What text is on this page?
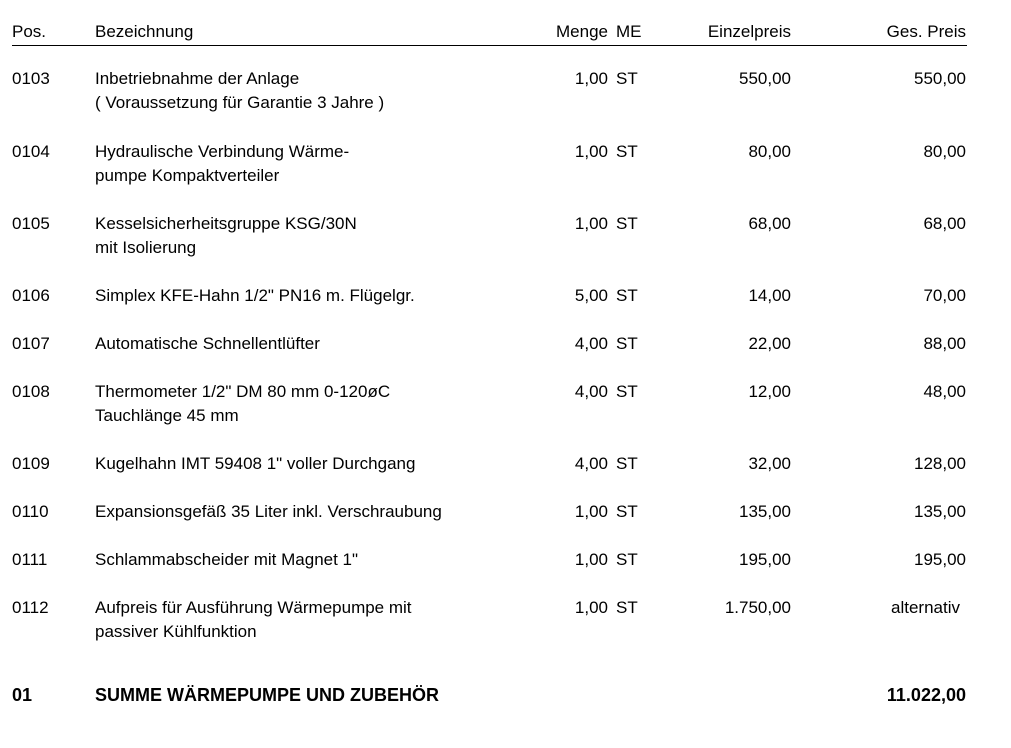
Pos.	Bezeichnung	Menge ME	Einzelpreis	Ges. Preis
0103	Inbetriebnahme der Anlage
( Voraussetzung für Garantie 3 Jahre )
1,00 ST	550,00	550,00
0104	Hydraulische Verbindung Wärme-
pumpe Kompaktverteiler
1,00 ST	80,00	80,00
0105	Kesselsicherheitsgruppe KSG/30N
mit Isolierung
1,00 ST	68,00	68,00
0106	Simplex KFE-Hahn 1/2" PN16 m. Flügelgr.	5,00 ST	14,00	70,00
0107	Automatische Schnellentlüfter	4,00 ST	22,00	88,00
0108	Thermometer 1/2" DM 80 mm 0-120øC
Tauchlänge 45 mm
4,00 ST	12,00	48,00
0109	Kugelhahn IMT 59408 1" voller Durchgang	4,00 ST	32,00	128,00
0110	Expansionsgefäß 35 Liter inkl. Verschraubung	1,00 ST	135,00	135,00
0111	Schlammabscheider mit Magnet 1"	1,00 ST	195,00	195,00
0112	Aufpreis für Ausführung Wärmepumpe mit
passiver Kühlfunktion
1,00 ST	1.750,00	alternativ
01	SUMME WÄRMEPUMPE UND ZUBEHÖR	11.022,00
